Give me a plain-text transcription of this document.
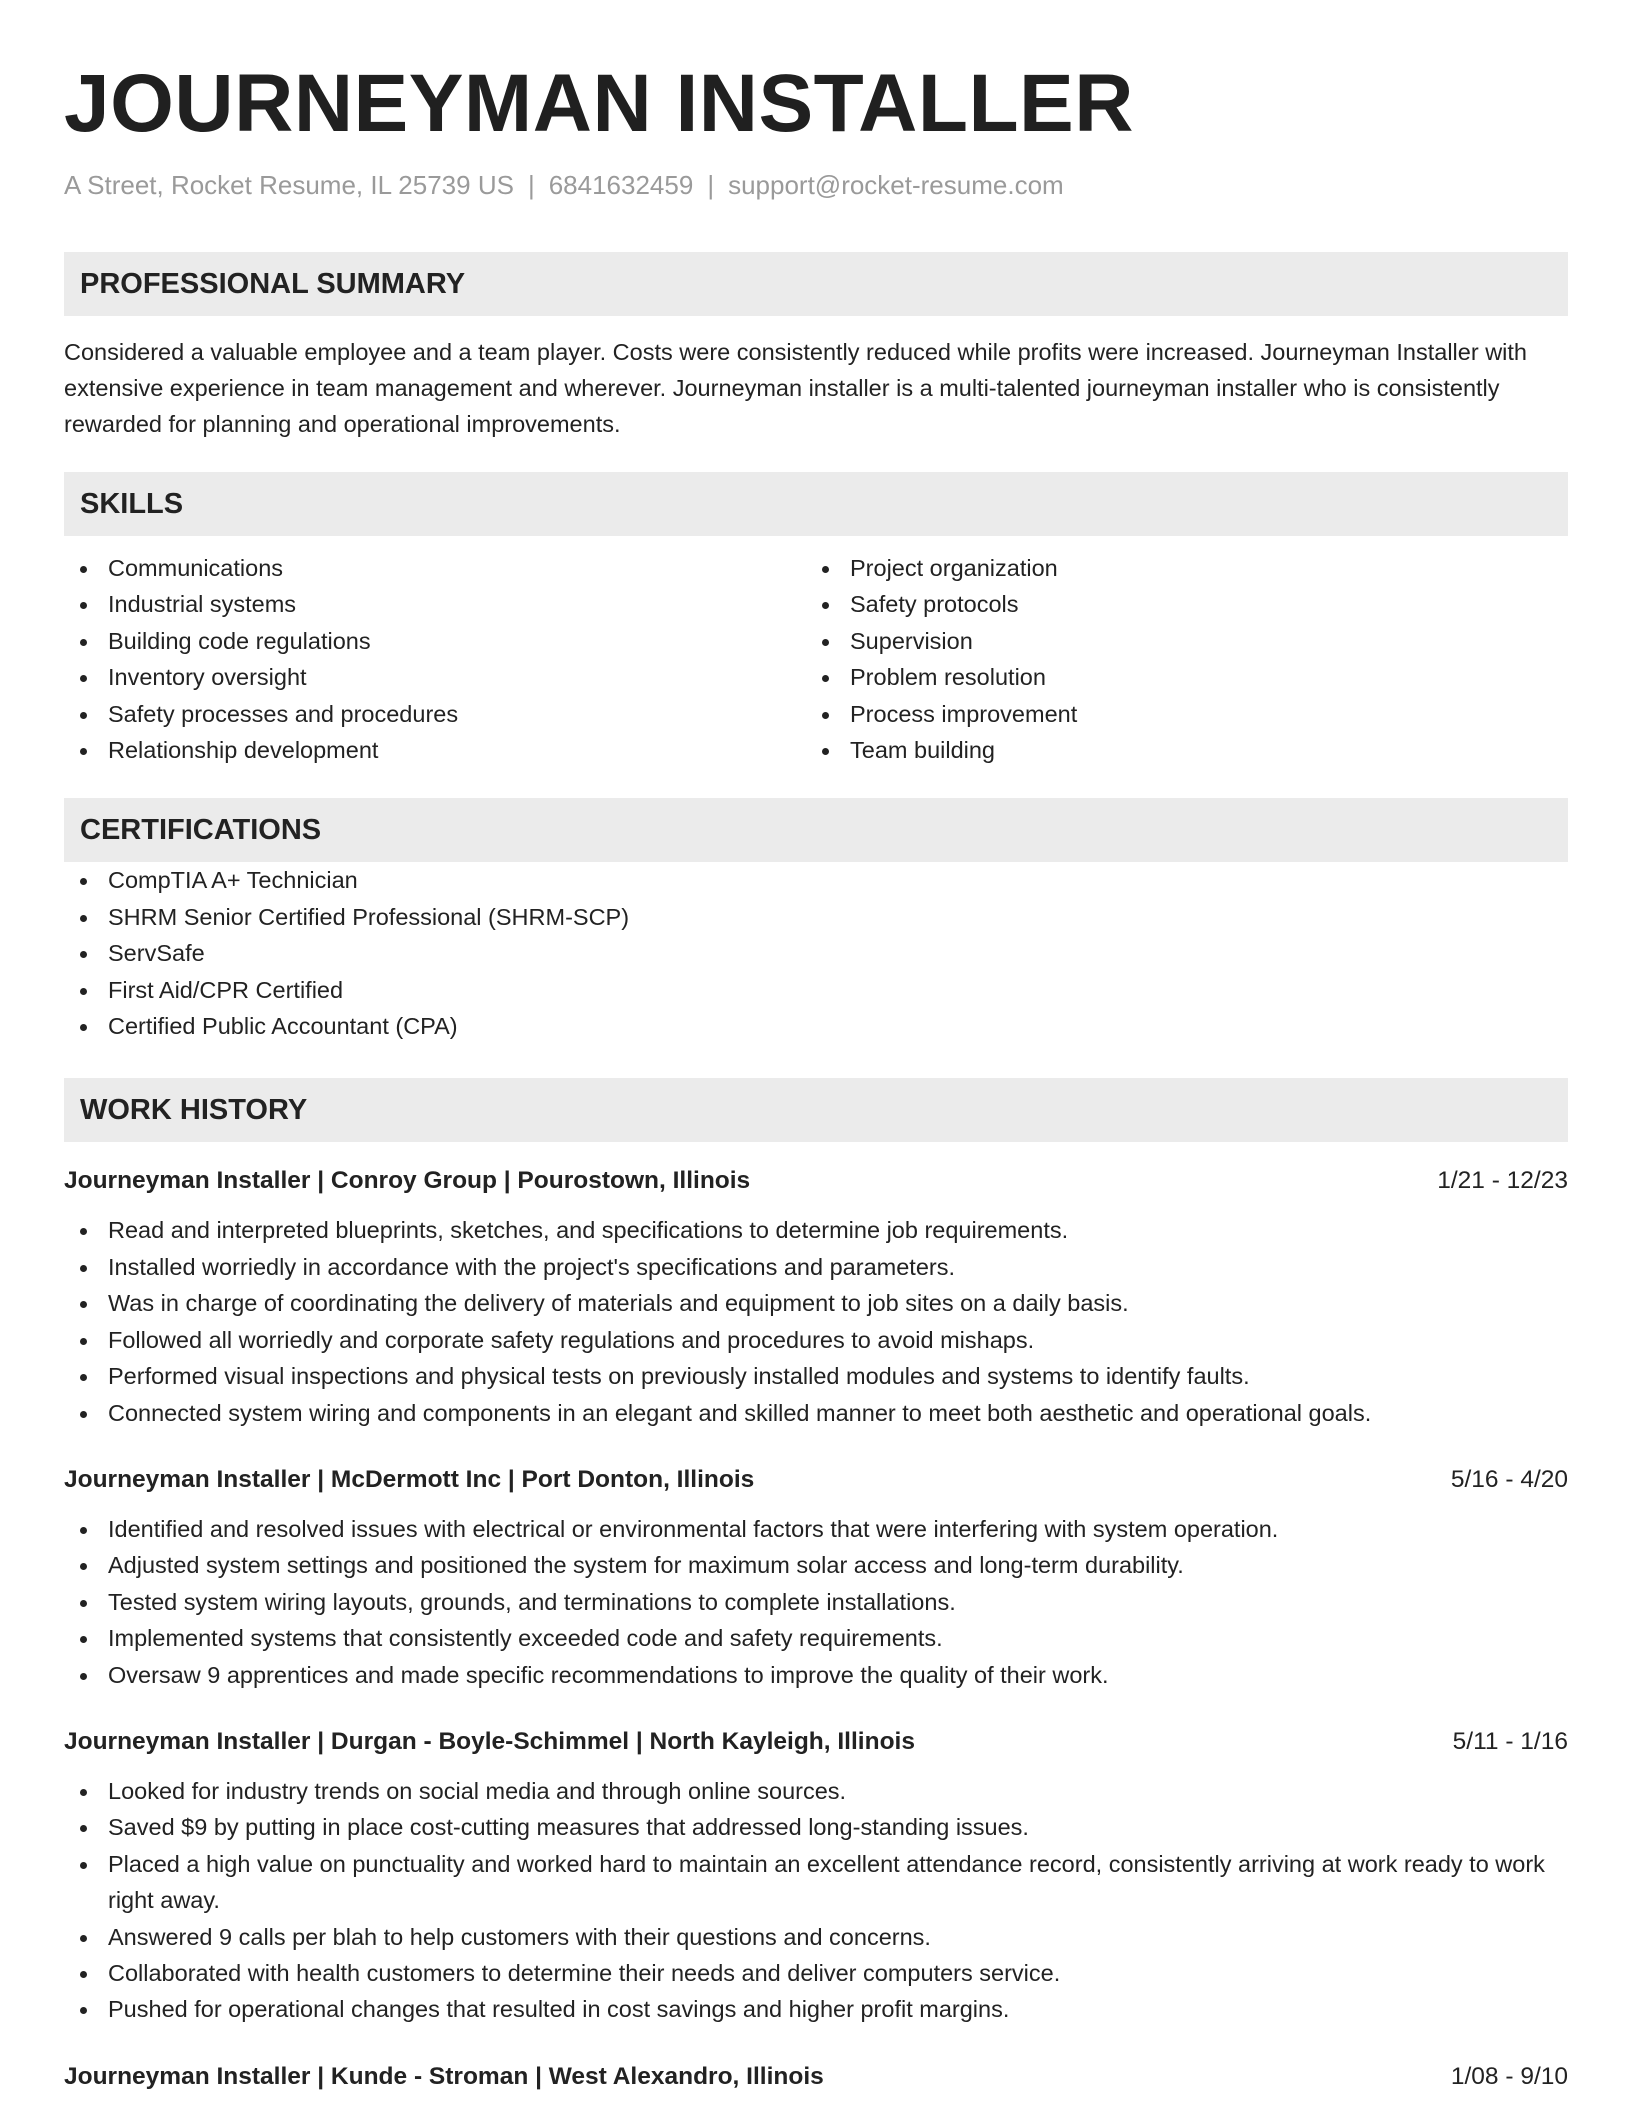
JOURNEYMAN INSTALLER
A Street, Rocket Resume, IL 25739 US | 6841632459 | support@rocket-resume.com
PROFESSIONAL SUMMARY

Considered a valuable employee and a team player. Costs were consistently reduced while profits were increased. Journeyman Installer with extensive experience in team management and wherever. Journeyman installer is a multi-talented journeyman installer who is consistently rewarded for planning and operational improvements.

SKILLS
Communications
Industrial systems
Building code regulations
Inventory oversight
Safety processes and procedures
Relationship development
Project organization
Safety protocols
Supervision
Problem resolution
Process improvement
Team building
CERTIFICATIONS
CompTIA A+ Technician
SHRM Senior Certified Professional (SHRM-SCP)
ServSafe
First Aid/CPR Certified
Certified Public Accountant (CPA)
WORK HISTORY
Journeyman Installer | Conroy Group | Pourostown, Illinois	1/21 - 12/23
Read and interpreted blueprints, sketches, and specifications to determine job requirements.
Installed worriedly in accordance with the project's specifications and parameters.
Was in charge of coordinating the delivery of materials and equipment to job sites on a daily basis.
Followed all worriedly and corporate safety regulations and procedures to avoid mishaps.
Performed visual inspections and physical tests on previously installed modules and systems to identify faults.
Connected system wiring and components in an elegant and skilled manner to meet both aesthetic and operational goals.
Journeyman Installer | McDermott Inc | Port Donton, Illinois	5/16 - 4/20
Identified and resolved issues with electrical or environmental factors that were interfering with system operation.
Adjusted system settings and positioned the system for maximum solar access and long-term durability.
Tested system wiring layouts, grounds, and terminations to complete installations.
Implemented systems that consistently exceeded code and safety requirements.
Oversaw 9 apprentices and made specific recommendations to improve the quality of their work.
Journeyman Installer | Durgan - Boyle-Schimmel | North Kayleigh, Illinois	5/11 - 1/16
Looked for industry trends on social media and through online sources.
Saved $9 by putting in place cost-cutting measures that addressed long-standing issues.
Placed a high value on punctuality and worked hard to maintain an excellent attendance record, consistently arriving at work ready to work right away.
Answered 9 calls per blah to help customers with their questions and concerns.
Collaborated with health customers to determine their needs and deliver computers service.
Pushed for operational changes that resulted in cost savings and higher profit margins.
Journeyman Installer | Kunde - Stroman | West Alexandro, Illinois	1/08 - 9/10
